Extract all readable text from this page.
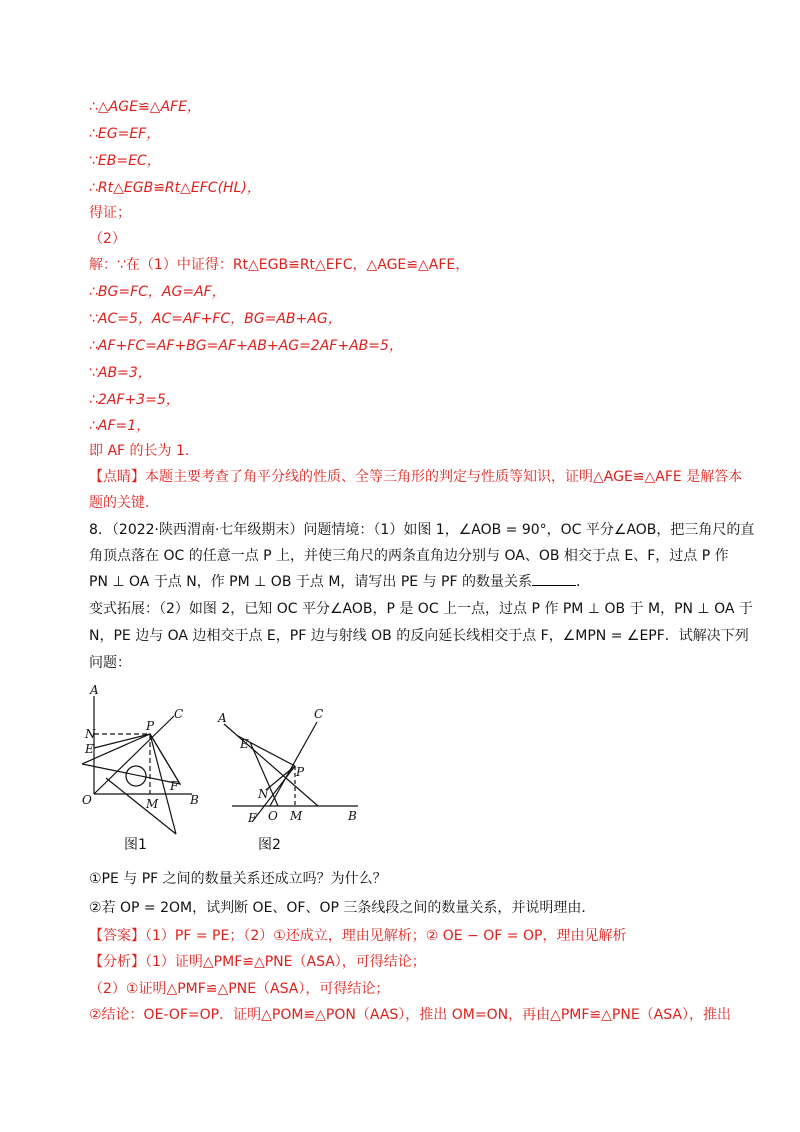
∴△AGE≌△AFE，
∴EG=EF，
∵EB=EC，
∴Rt△EGB≌Rt△EFC(HL)，
得证；
（2）
解：∵在（1）中证得：Rt△EGB≌Rt△EFC，△AGE≌△AFE，
∴BG=FC，AG=AF，
∵AC=5，AC=AF+FC，BG=AB+AG，
∴AF+FC=AF+BG=AF+AB+AG=2AF+AB=5，
∵AB=3，
∴2AF+3=5，
∴AF=1，
即 AF 的长为 1．
【点睛】本题主要考查了角平分线的性质、全等三角形的判定与性质等知识，证明△AGE≌△AFE 是解答本
题的关键．
8．（2022·陕西渭南·七年级期末）问题情境：（1）如图 1，∠AOB = 90°，OC 平分∠AOB，把三角尺的直
角顶点落在 OC 的任意一点 P 上，并使三角尺的两条直角边分别与 OA、OB 相交于点 E、F，过点 P 作
PN ⊥ OA 于点 N，作 PM ⊥ OB 于点 M，请写出 PE 与 PF 的数量关系	．
变式拓展：（2）如图 2，已知 OC 平分∠AOB，P 是 OC 上一点，过点 P 作 PM ⊥ OB 于 M，PN ⊥ OA 于
N，PE 边与 OA 边相交于点 E，PF 边与射线 OB 的反向延长线相交于点 F，∠MPN = ∠EPF．试解决下列
问题：
A
N
E
P
C
O	M
F
B
A
E
C
P
N
F O M	B
图1	图2
①PE 与 PF 之间的数量关系还成立吗？为什么？
②若 OP = 2OM，试判断 OE、OF、OP 三条线段之间的数量关系，并说明理由．
【答案】（1）PF = PE；（2）①还成立，理由见解析；② OE − OF = OP，理由见解析
【分析】（1）证明△PMF≌△PNE（ASA），可得结论；
（2）①证明△PMF≌△PNE（ASA），可得结论；
②结论：OE-OF=OP．证明△POM≌△PON（AAS），推出 OM=ON，再由△PMF≌△PNE（ASA），推出
